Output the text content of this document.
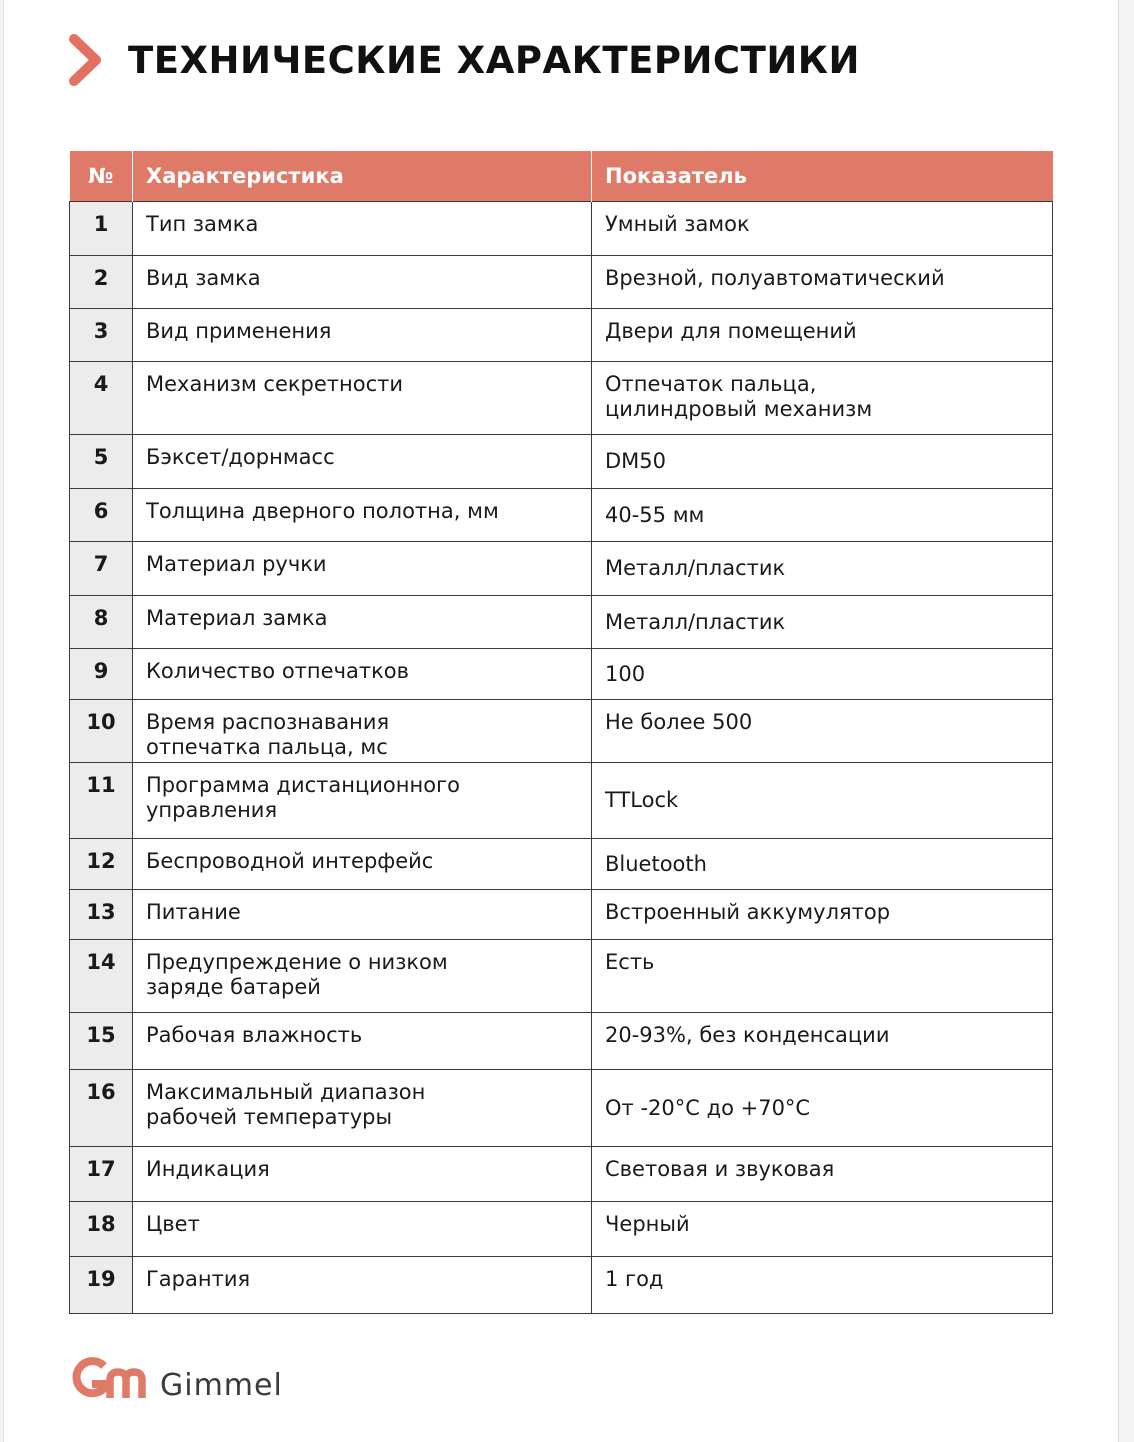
ТЕХНИЧЕСКИЕ ХАРАКТЕРИСТИКИ
№	Характеристика	Показатель
1	Тип замка	Умный замок
2	Вид замка	Врезной, полуавтоматический
3	Вид применения	Двери для помещений
4	Механизм секретности	Отпечаток пальца,
цилиндровый механизм
5	Бэксет/дорнмасс	DM50
6	Толщина дверного полотна, мм	40-55 мм
7	Материал ручки	Металл/пластик
8	Материал замка	Металл/пластик
9	Количество отпечатков	100
10	Время распознавания
отпечатка пальца, мс	Не более 500
11	Программа дистанционного
управления	TTLock
12	Беспроводной интерфейс	Bluetooth
13	Питание	Встроенный аккумулятор
14	Предупреждение о низком
заряде батарей	Есть
15	Рабочая влажность	20-93%, без конденсации
16	Максимальный диапазон
рабочей температуры	От -20°C до +70°C
17	Индикация	Световая и звуковая
18	Цвет	Черный
19	Гарантия	1 год
Gimmel
